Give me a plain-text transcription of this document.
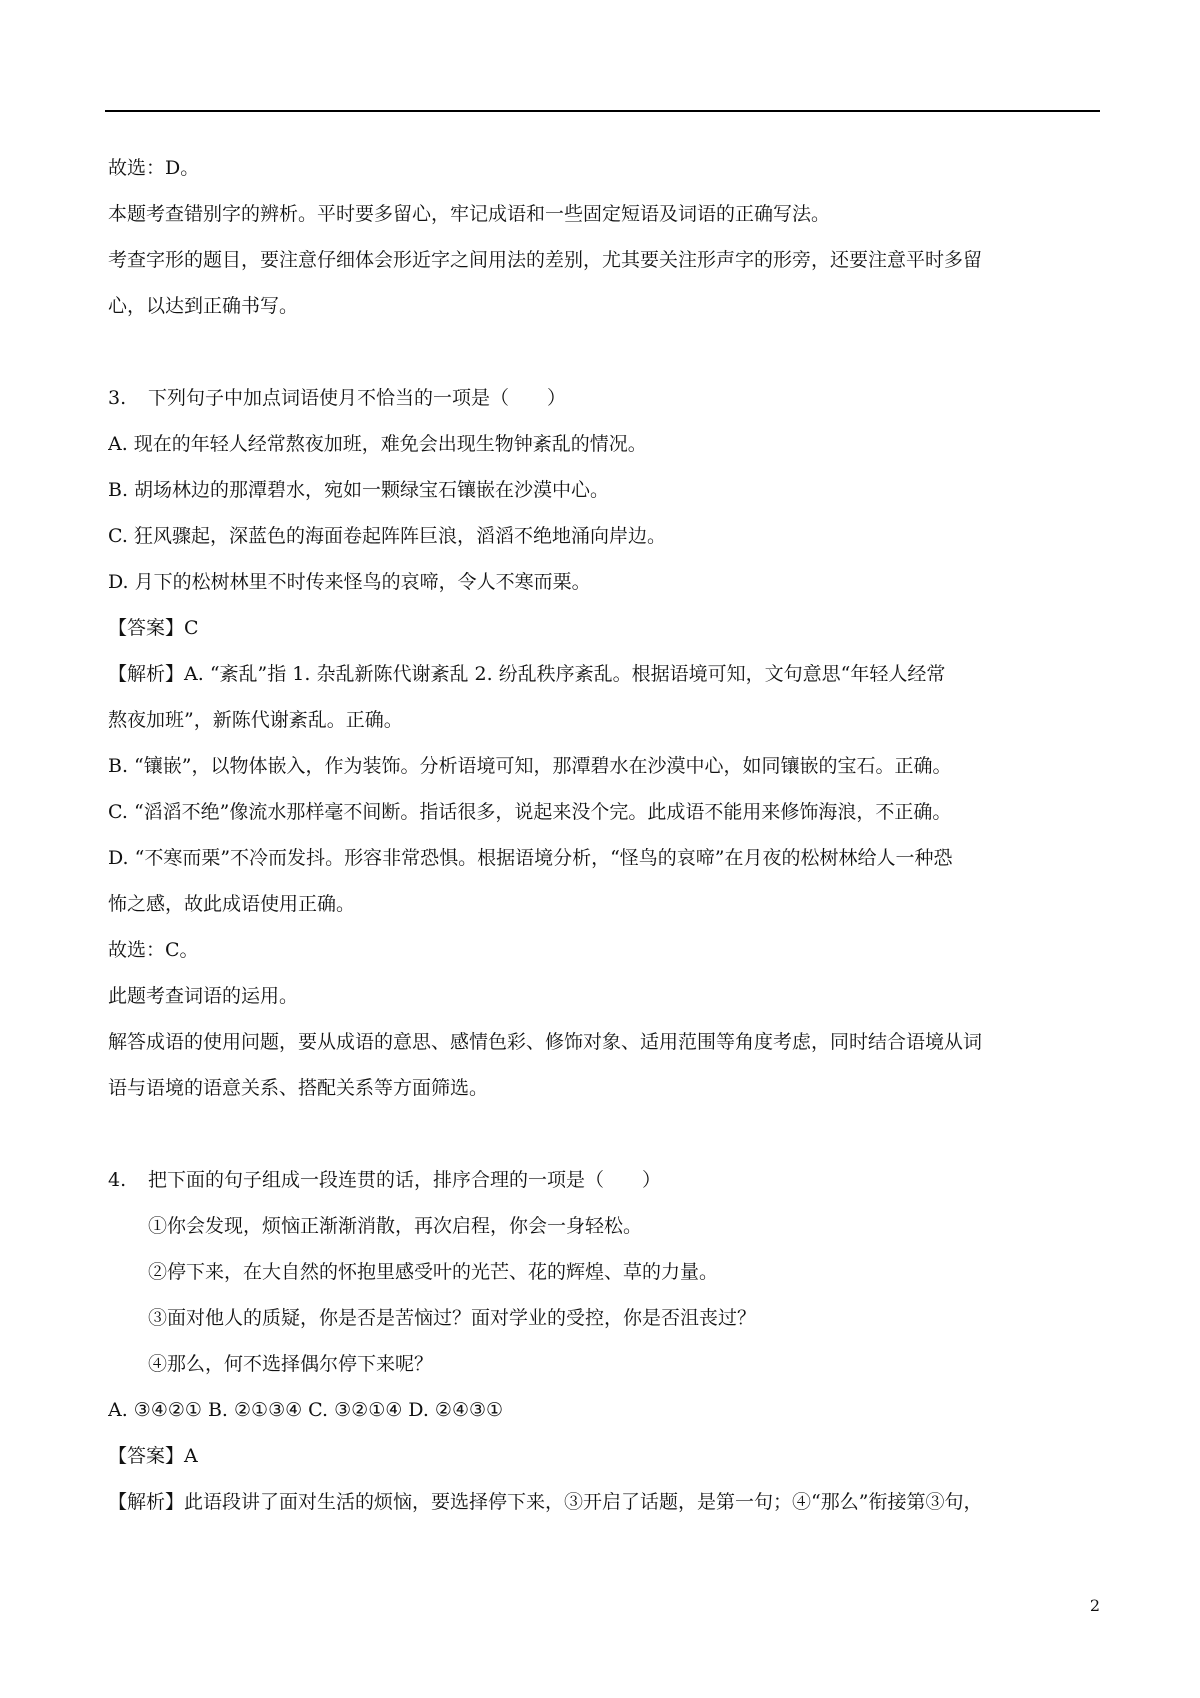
故选：D。
本题考查错别字的辨析。平时要多留心，牢记成语和一些固定短语及词语的正确写法。
考查字形的题目，要注意仔细体会形近字之间用法的差别，尤其要关注形声字的形旁，还要注意平时多留
心，以达到正确书写。
3. 下列句子中加点词语使月不恰当的一项是（　　）
A. 现在的年轻人经常熬夜加班，难免会出现生物钟紊乱的情况。
B. 胡场林边的那潭碧水，宛如一颗绿宝石镶嵌在沙漠中心。
C. 狂风骤起，深蓝色的海面卷起阵阵巨浪，滔滔不绝地涌向岸边。
D. 月下的松树林里不时传来怪鸟的哀啼，令人不寒而栗。
【答案】C
【解析】A. “紊乱”指 1. 杂乱新陈代谢紊乱 2. 纷乱秩序紊乱。根据语境可知，文句意思“年轻人经常
熬夜加班”，新陈代谢紊乱。正确。
B. “镶嵌”，以物体嵌入，作为装饰。分析语境可知，那潭碧水在沙漠中心，如同镶嵌的宝石。正确。
C. “滔滔不绝”像流水那样毫不间断。指话很多，说起来没个完。此成语不能用来修饰海浪，不正确。
D. “不寒而栗”不冷而发抖。形容非常恐惧。根据语境分析，“怪鸟的哀啼”在月夜的松树林给人一种恐
怖之感，故此成语使用正确。
故选：C。
此题考查词语的运用。
解答成语的使用问题，要从成语的意思、感情色彩、修饰对象、适用范围等角度考虑，同时结合语境从词
语与语境的语意关系、搭配关系等方面筛选。
4. 把下面的句子组成一段连贯的话，排序合理的一项是（　　）
①你会发现，烦恼正渐渐消散，再次启程，你会一身轻松。
②停下来，在大自然的怀抱里感受叶的光芒、花的辉煌、草的力量。
③面对他人的质疑，你是否是苦恼过？面对学业的受控，你是否沮丧过？
④那么，何不选择偶尔停下来呢？
A. ③④②① B. ②①③④ C. ③②①④ D. ②④③①
【答案】A
【解析】此语段讲了面对生活的烦恼，要选择停下来，③开启了话题，是第一句；④“那么”衔接第③句，
2
